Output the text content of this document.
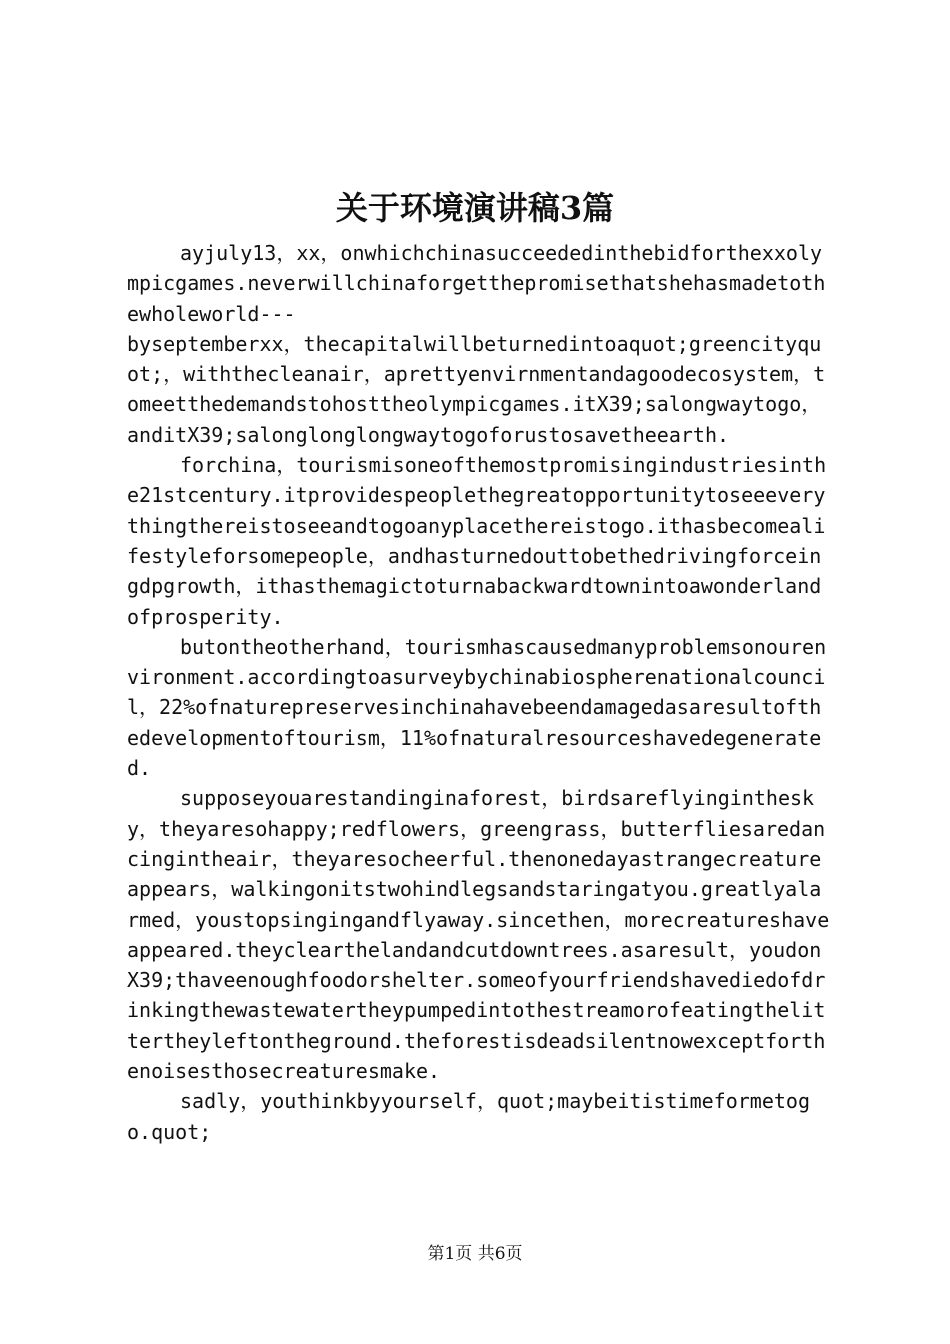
关于环境演讲稿3篇

ayjuly13，xx，onwhichchinasucceededinthebidforthexxolympicgames.neverwillchinaforgetthepromisethatshehasmadetothewholeworld---

byseptemberxx，thecapitalwillbeturnedintoaquot;greencityquot;，withthecleanair，aprettyenvirnmentandagoodecosystem，tomeetthedemandstohosttheolympicgames.itX39;salongwaytogo，anditX39;salonglonglongwaytogoforustosavetheearth.

forchina，tourismisoneofthemostpromisingindustriesinthe21stcentury.itprovidespeoplethegreatopportunitytoseeeverythingthereistoseeandtogoanyplacethereistogo.ithasbecomealifestyleforsomepeople，andhasturnedouttobethedrivingforceingdpgrowth，ithasthemagictoturnabackwardtownintoawonderlandofprosperity.

butontheotherhand，tourismhascausedmanyproblemsonourenvironment.accordingtoasurveybychinabiospherenationalcouncil，22%ofnaturepreservesinchinahavebeendamagedasaresultofthedevelopmentoftourism，11%ofnaturalresourceshavedegenerated.

supposeyouarestandinginaforest，birdsareflyinginthesky，theyaresohappy;redflowers，greengrass，butterfliesaredancingintheair，theyaresocheerful.thenonedayastrangecreatureappears，walkingonitstwohindlegsandstaringatyou.greatlyalarmed，youstopsingingandflyaway.sincethen，morecreatureshaveappeared.theyclearthelandandcutdowntrees.asaresult，youdonX39;thaveenoughfoodorshelter.someofyourfriendshavediedofdrinkingthewastewatertheypumpedintothestreamorofeatingthelittertheyleftontheground.theforestisdeadsilentnowexceptforthenoisesthosecreaturesmake.

sadly，youthinkbyyourself，quot;maybeitistimeformetogo.quot;

第1页 共6页
